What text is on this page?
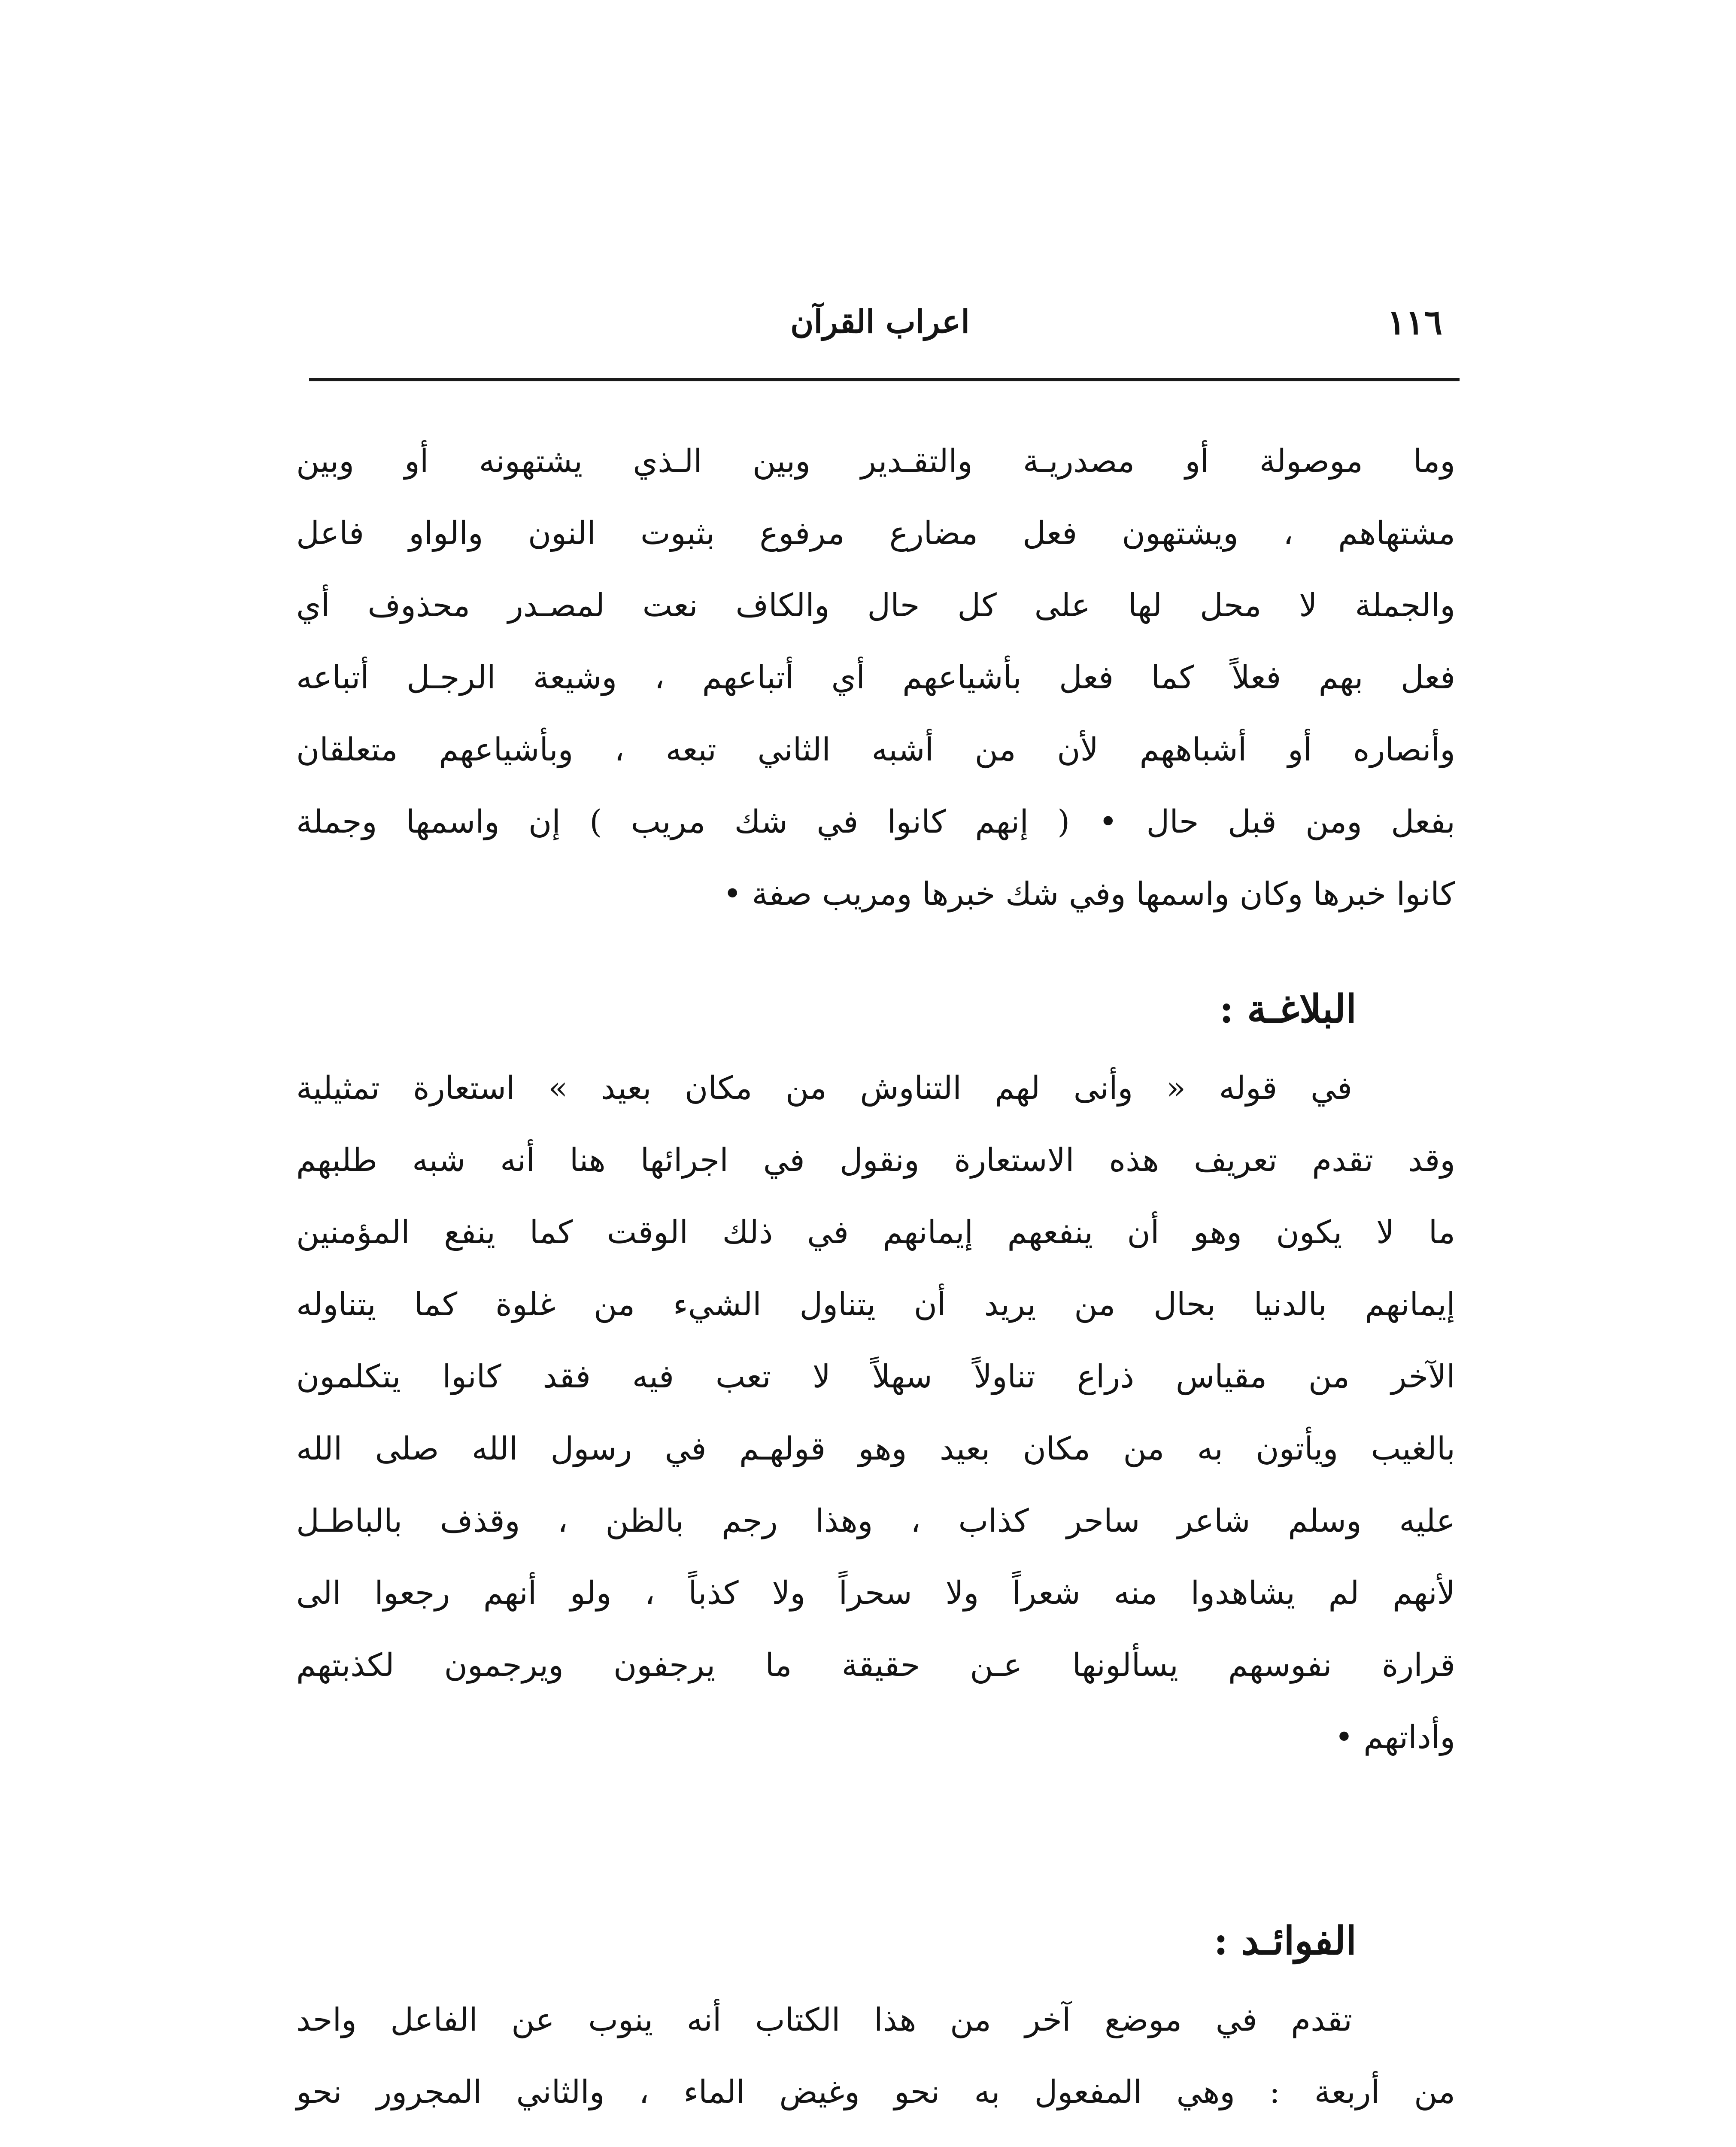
١١٦
اعراب القرآن
وما موصولة أو مصدريـة والتقـدير وبين الـذي يشتهونه أو وبين
مشتهاهم ، ويشتهون فعل مضارع مرفوع بثبوت النون والواو فاعل
والجملة لا محل لها على كل حال والكاف نعت لمصـدر محذوف أي
فعل بهم فعلاً كما فعل بأشياعهم أي أتباعهم ، وشيعة الرجـل أتباعه
وأنصاره أو أشباههم لأن من أشبه الثاني تبعه ، وبأشياعهم متعلقان
بفعل ومن قبل حال • ( إنهم كانوا في شك مريب ) إن واسمها وجملة
كانوا خبرها وكان واسمها وفي شك خبرها ومريب صفة •
البلاغـة :
في قوله « وأنى لهم التناوش من مكان بعيد » استعارة تمثيلية
وقد تقدم تعريف هذه الاستعارة ونقول في اجرائها هنا أنه شبه طلبهم
ما لا يكون وهو أن ينفعهم إيمانهم في ذلك الوقت كما ينفع المؤمنين
إيمانهم بالدنيا بحال من يريد أن يتناول الشيء من غلوة كما يتناوله
الآخر من مقياس ذراع تناولاً سهلاً لا تعب فيه فقد كانوا يتكلمون
بالغيب ويأتون به من مكان بعيد وهو قولهـم في رسول الله صلى الله
عليه وسلم شاعر ساحر كذاب ، وهذا رجم بالظن ، وقذف بالباطـل
لأنهم لم يشاهدوا منه شعراً ولا سحراً ولا كذباً ، ولو أنهم رجعوا الى
قرارة نفوسهم يسألونها عـن حقيقة ما يرجفون ويرجمون لكذبتهم
وأداتهم •
الفوائـد :
تقدم في موضع آخر من هذا الكتاب أنه ينوب عن الفاعل واحد
من أربعة : وهي المفعول به نحو وغيض الماء ، والثاني المجرور نحو
